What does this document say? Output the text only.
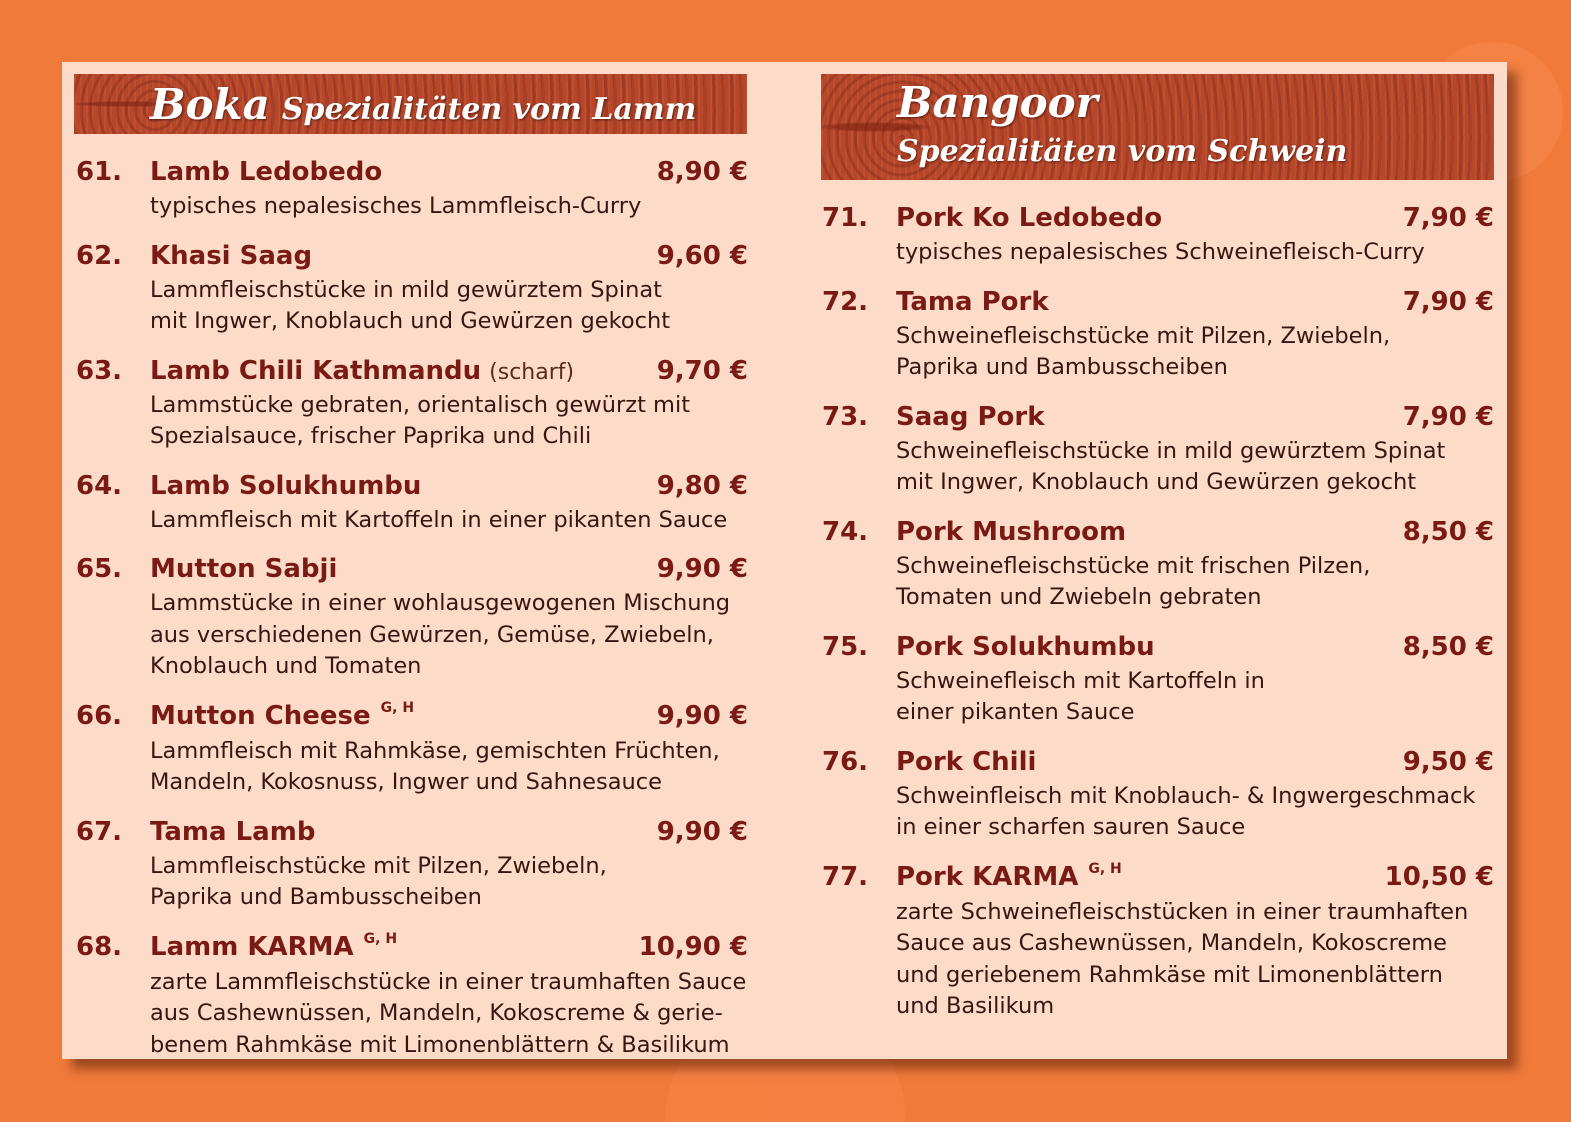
Boka Spezialitäten vom Lamm	Bangoor
Spezialitäten vom Schwein
61. Lamb Ledobedo	8,90 €
typisches nepalesisches Lammfleisch-Curry
62. Khasi Saag	9,60 €
Lammfleischstücke in mild gewürztem Spinat
mit Ingwer, Knoblauch und Gewürzen gekocht
63. Lamb Chili Kathmandu (scharf)	9,70 €
Lammstücke gebraten, orientalisch gewürzt mit
Spezialsauce, frischer Paprika und Chili
64. Lamb Solukhumbu	9,80 €
Lammfleisch mit Kartoffeln in einer pikanten Sauce
65. Mutton Sabji	9,90 €
Lammstücke in einer wohlausgewogenen Mischung
aus verschiedenen Gewürzen, Gemüse, Zwiebeln,
Knoblauch und Tomaten
66. Mutton Cheese G, H	9,90 €
Lammfleisch mit Rahmkäse, gemischten Früchten,
Mandeln, Kokosnuss, Ingwer und Sahnesauce
67. Tama Lamb	9,90 €
Lammfleischstücke mit Pilzen, Zwiebeln,
Paprika und Bambusscheiben
68. Lamm KARMA G, H	10,90 €
zarte Lammfleischstücke in einer traumhaften Sauce
aus Cashewnüssen, Mandeln, Kokoscreme & gerie-
benem Rahmkäse mit Limonenblättern & Basilikum
71. Pork Ko Ledobedo	7,90 €
typisches nepalesisches Schweinefleisch-Curry
72. Tama Pork	7,90 €
Schweinefleischstücke mit Pilzen, Zwiebeln,
Paprika und Bambusscheiben
73. Saag Pork	7,90 €
Schweinefleischstücke in mild gewürztem Spinat
mit Ingwer, Knoblauch und Gewürzen gekocht
74. Pork Mushroom	8,50 €
Schweinefleischstücke mit frischen Pilzen,
Tomaten und Zwiebeln gebraten
75. Pork Solukhumbu	8,50 €
Schweinefleisch mit Kartoffeln in
einer pikanten Sauce
76. Pork Chili	9,50 €
Schweinfleisch mit Knoblauch- & Ingwergeschmack
in einer scharfen sauren Sauce
77. Pork KARMA G, H	10,50 €
zarte Schweinefleischstücken in einer traumhaften
Sauce aus Cashewnüssen, Mandeln, Kokoscreme
und geriebenem Rahmkäse mit Limonenblättern
und Basilikum
